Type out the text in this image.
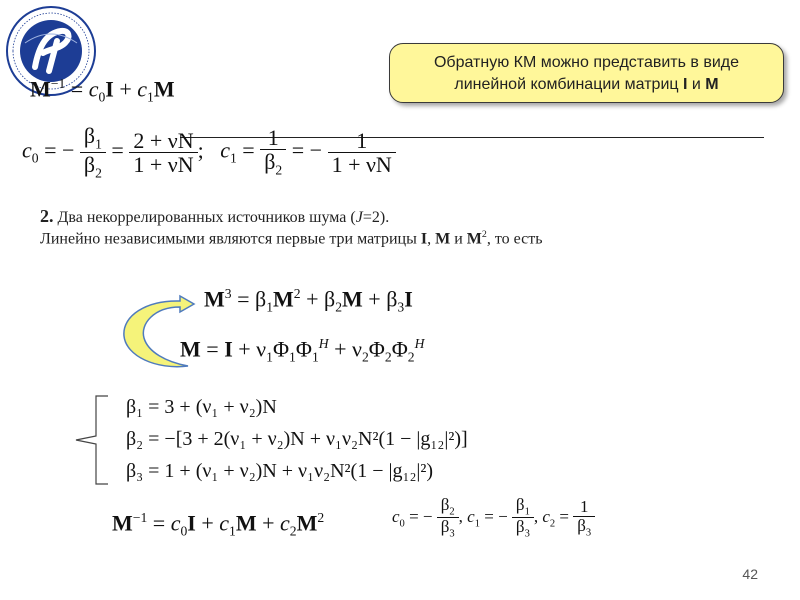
$M^{-1} = c_0I + c_1M$
Обратную КМ можно представить в виде
линейной комбинации матриц I и M
$c_0$ = − $\frac{\beta_1}{\beta_2} = \frac{2 + \nu N}{1 + \nu N}$ ; $c_1 = \frac{1}{\beta_2}$ = − $\frac{1}{1 + \nu N}$
2. Два некоррелированных источников шума (J=2).
Линейно независимыми являются первые три матрицы I, M и $M^2$, то есть
$M^3 = \beta_1M^2 + \beta_2M + \beta_3I$
$M = I + \nu_1\Phi_1\Phi_1^H + \nu_2\Phi_2\Phi_2^H$
β₁ = 3 + (ν₁ + ν₂)N
β₂ = −[3 + 2(ν₁ + ν₂)N + ν₁ν₂N²(1 − |g₁₂|²)]
β₃ = 1 + (ν₁ + ν₂)N + ν₁ν₂N²(1 − |g₁₂|²)
$M^{-1} = c_0I + c_1M + c_2M^2$	$c_0$ = − $\frac{\beta_2}{\beta_3}$ , $c_1$ = − $\frac{\beta_1}{\beta_3}$ , $c_2 = \frac{1}{\beta_3}$
42
